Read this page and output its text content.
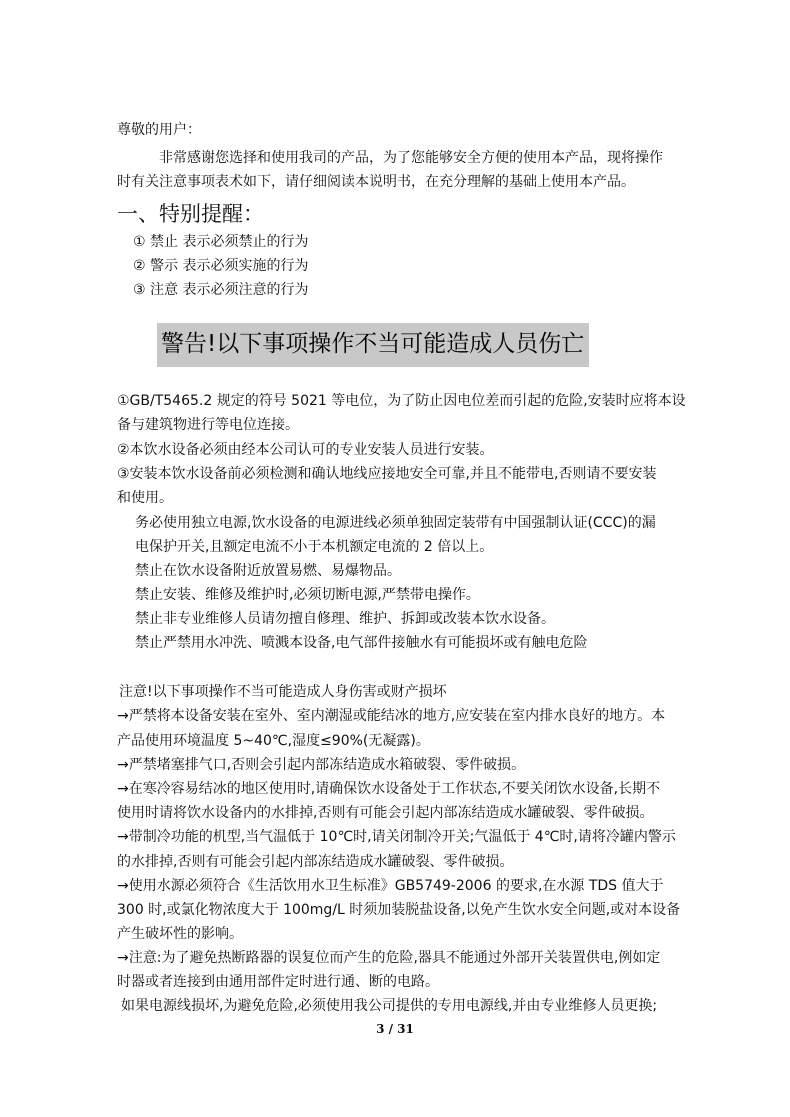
尊敬的用户：
非常感谢您选择和使用我司的产品，为了您能够安全方便的使用本产品，现将操作
时有关注意事项表术如下，请仔细阅读本说明书，在充分理解的基础上使用本产品。
一、特别提醒：
① 禁止 表示必须禁止的行为
② 警示 表示必须实施的行为
③ 注意 表示必须注意的行为
警告!以下事项操作不当可能造成人员伤亡
①GB/T5465.2 规定的符号 5021 等电位，为了防止因电位差而引起的危险,安装时应将本设
备与建筑物进行等电位连接。
②本饮水设备必须由经本公司认可的专业安装人员进行安装。
③安装本饮水设备前必须检测和确认地线应接地安全可靠,并且不能带电,否则请不要安装
和使用。
务必使用独立电源,饮水设备的电源进线必须单独固定装带有中国强制认证(CCC)的漏
电保护开关,且额定电流不小于本机额定电流的 2 倍以上。
禁止在饮水设备附近放置易燃、易爆物品。
禁止安装、维修及维护时,必须切断电源,严禁带电操作。
禁止非专业维修人员请勿擅自修理、维护、拆卸或改装本饮水设备。
禁止严禁用水冲洗、喷溅本设备,电气部件接触水有可能损坏或有触电危险
注意!以下事项操作不当可能造成人身伤害或财产损坏
→严禁将本设备安装在室外、室内潮湿或能结冰的地方,应安装在室内排水良好的地方。本
产品使用环境温度 5~40℃,湿度≤90%(无凝露)。
→严禁堵塞排气口,否则会引起内部冻结造成水箱破裂、零件破损。
→在寒冷容易结冰的地区使用时,请确保饮水设备处于工作状态,不要关闭饮水设备,长期不
使用时请将饮水设备内的水排掉,否则有可能会引起内部冻结造成水罐破裂、零件破损。
→带制冷功能的机型,当气温低于 10℃时,请关闭制冷开关;气温低于 4℃时,请将冷罐内警示
的水排掉,否则有可能会引起内部冻结造成水罐破裂、零件破损。
→使用水源必须符合《生活饮用水卫生标准》GB5749-2006 的要求,在水源 TDS 值大于
300 时,或氯化物浓度大于 100mg/L 时须加装脱盐设备,以免产生饮水安全问题,或对本设备
产生破坏性的影响。
→注意:为了避免热断路器的误复位而产生的危险,器具不能通过外部开关装置供电,例如定
时器或者连接到由通用部件定时进行通、断的电路。
如果电源线损坏,为避免危险,必须使用我公司提供的专用电源线,并由专业维修人员更换;
3 / 31
